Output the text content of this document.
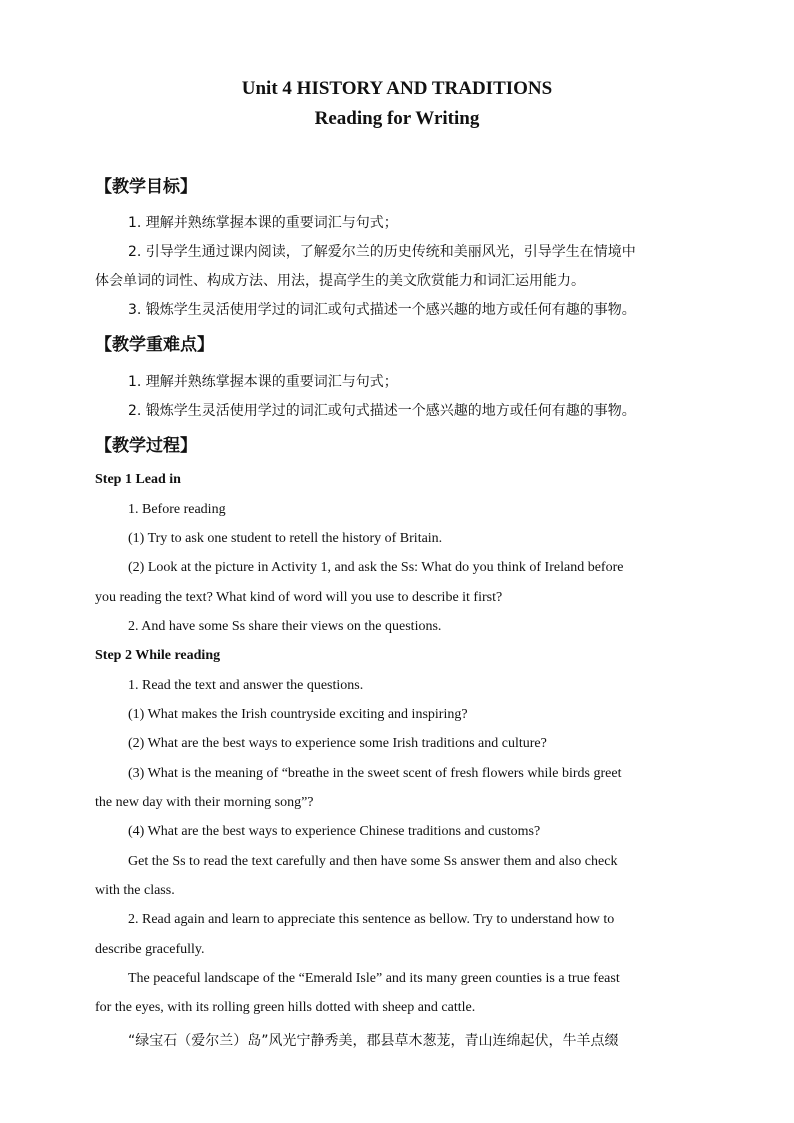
Unit 4 HISTORY AND TRADITIONS
Reading for Writing
【教学目标】

1. 理解并熟练掌握本课的重要词汇与句式；

2. 引导学生通过课内阅读，了解爱尔兰的历史传统和美丽风光，引导学生在情境中

体会单词的词性、构成方法、用法，提高学生的美文欣赏能力和词汇运用能力。

3. 锻炼学生灵活使用学过的词汇或句式描述一个感兴趣的地方或任何有趣的事物。

【教学重难点】

1. 理解并熟练掌握本课的重要词汇与句式；

2. 锻炼学生灵活使用学过的词汇或句式描述一个感兴趣的地方或任何有趣的事物。

【教学过程】

Step 1 Lead in

1. Before reading

(1) Try to ask one student to retell the history of Britain.

(2) Look at the picture in Activity 1, and ask the Ss: What do you think of Ireland before

you reading the text? What kind of word will you use to describe it first?

2. And have some Ss share their views on the questions.

Step 2 While reading

1. Read the text and answer the questions.

(1) What makes the Irish countryside exciting and inspiring?

(2) What are the best ways to experience some Irish traditions and culture?

(3) What is the meaning of “breathe in the sweet scent of fresh flowers while birds greet

the new day with their morning song”?

(4) What are the best ways to experience Chinese traditions and customs?

Get the Ss to read the text carefully and then have some Ss answer them and also check

with the class.

2. Read again and learn to appreciate this sentence as bellow. Try to understand how to

describe gracefully.

The peaceful landscape of the “Emerald Isle” and its many green counties is a true feast

for the eyes, with its rolling green hills dotted with sheep and cattle.

“绿宝石（爱尔兰）岛”风光宁静秀美，郡县草木葱茏，青山连绵起伏，牛羊点缀
